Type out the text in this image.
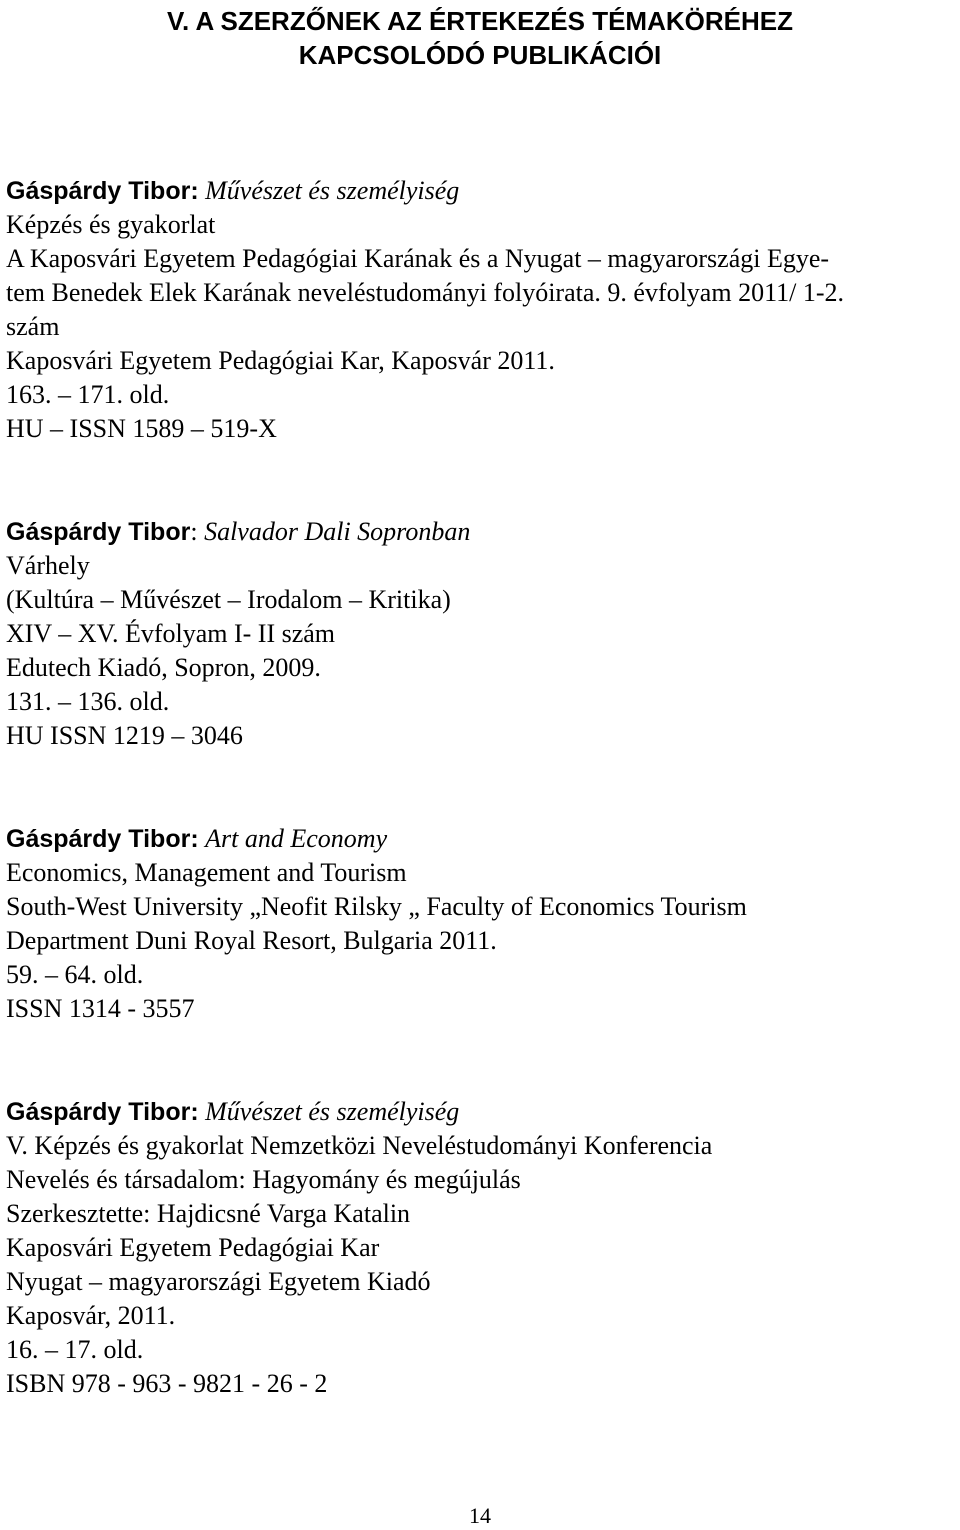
V. A SZERZŐNEK AZ ÉRTEKEZÉS TÉMAKÖRÉHEZ
KAPCSOLÓDÓ PUBLIKÁCIÓI
Gáspárdy Tibor: Művészet és személyiség
Képzés és gyakorlat
A Kaposvári Egyetem Pedagógiai Karának és a Nyugat – magyarországi Egye-
tem Benedek Elek Karának neveléstudományi folyóirata. 9. évfolyam 2011/ 1-2.
szám
Kaposvári Egyetem Pedagógiai Kar, Kaposvár 2011.
163. – 171. old.
HU – ISSN 1589 – 519-X
Gáspárdy Tibor: Salvador Dali Sopronban
Várhely
(Kultúra – Művészet – Irodalom – Kritika)
XIV – XV. Évfolyam I- II szám
Edutech Kiadó, Sopron, 2009.
131. – 136. old.
HU ISSN 1219 – 3046
Gáspárdy Tibor: Art and Economy
Economics, Management and Tourism
South-West University „Neofit Rilsky „ Faculty of Economics Tourism
Department Duni Royal Resort, Bulgaria 2011.
59. – 64. old.
ISSN 1314 - 3557
Gáspárdy Tibor: Művészet és személyiség
V. Képzés és gyakorlat Nemzetközi Neveléstudományi Konferencia
Nevelés és társadalom: Hagyomány és megújulás
Szerkesztette: Hajdicsné Varga Katalin
Kaposvári Egyetem Pedagógiai Kar
Nyugat – magyarországi Egyetem Kiadó
Kaposvár, 2011.
16. – 17. old.
ISBN 978 - 963 - 9821 - 26 - 2
14
